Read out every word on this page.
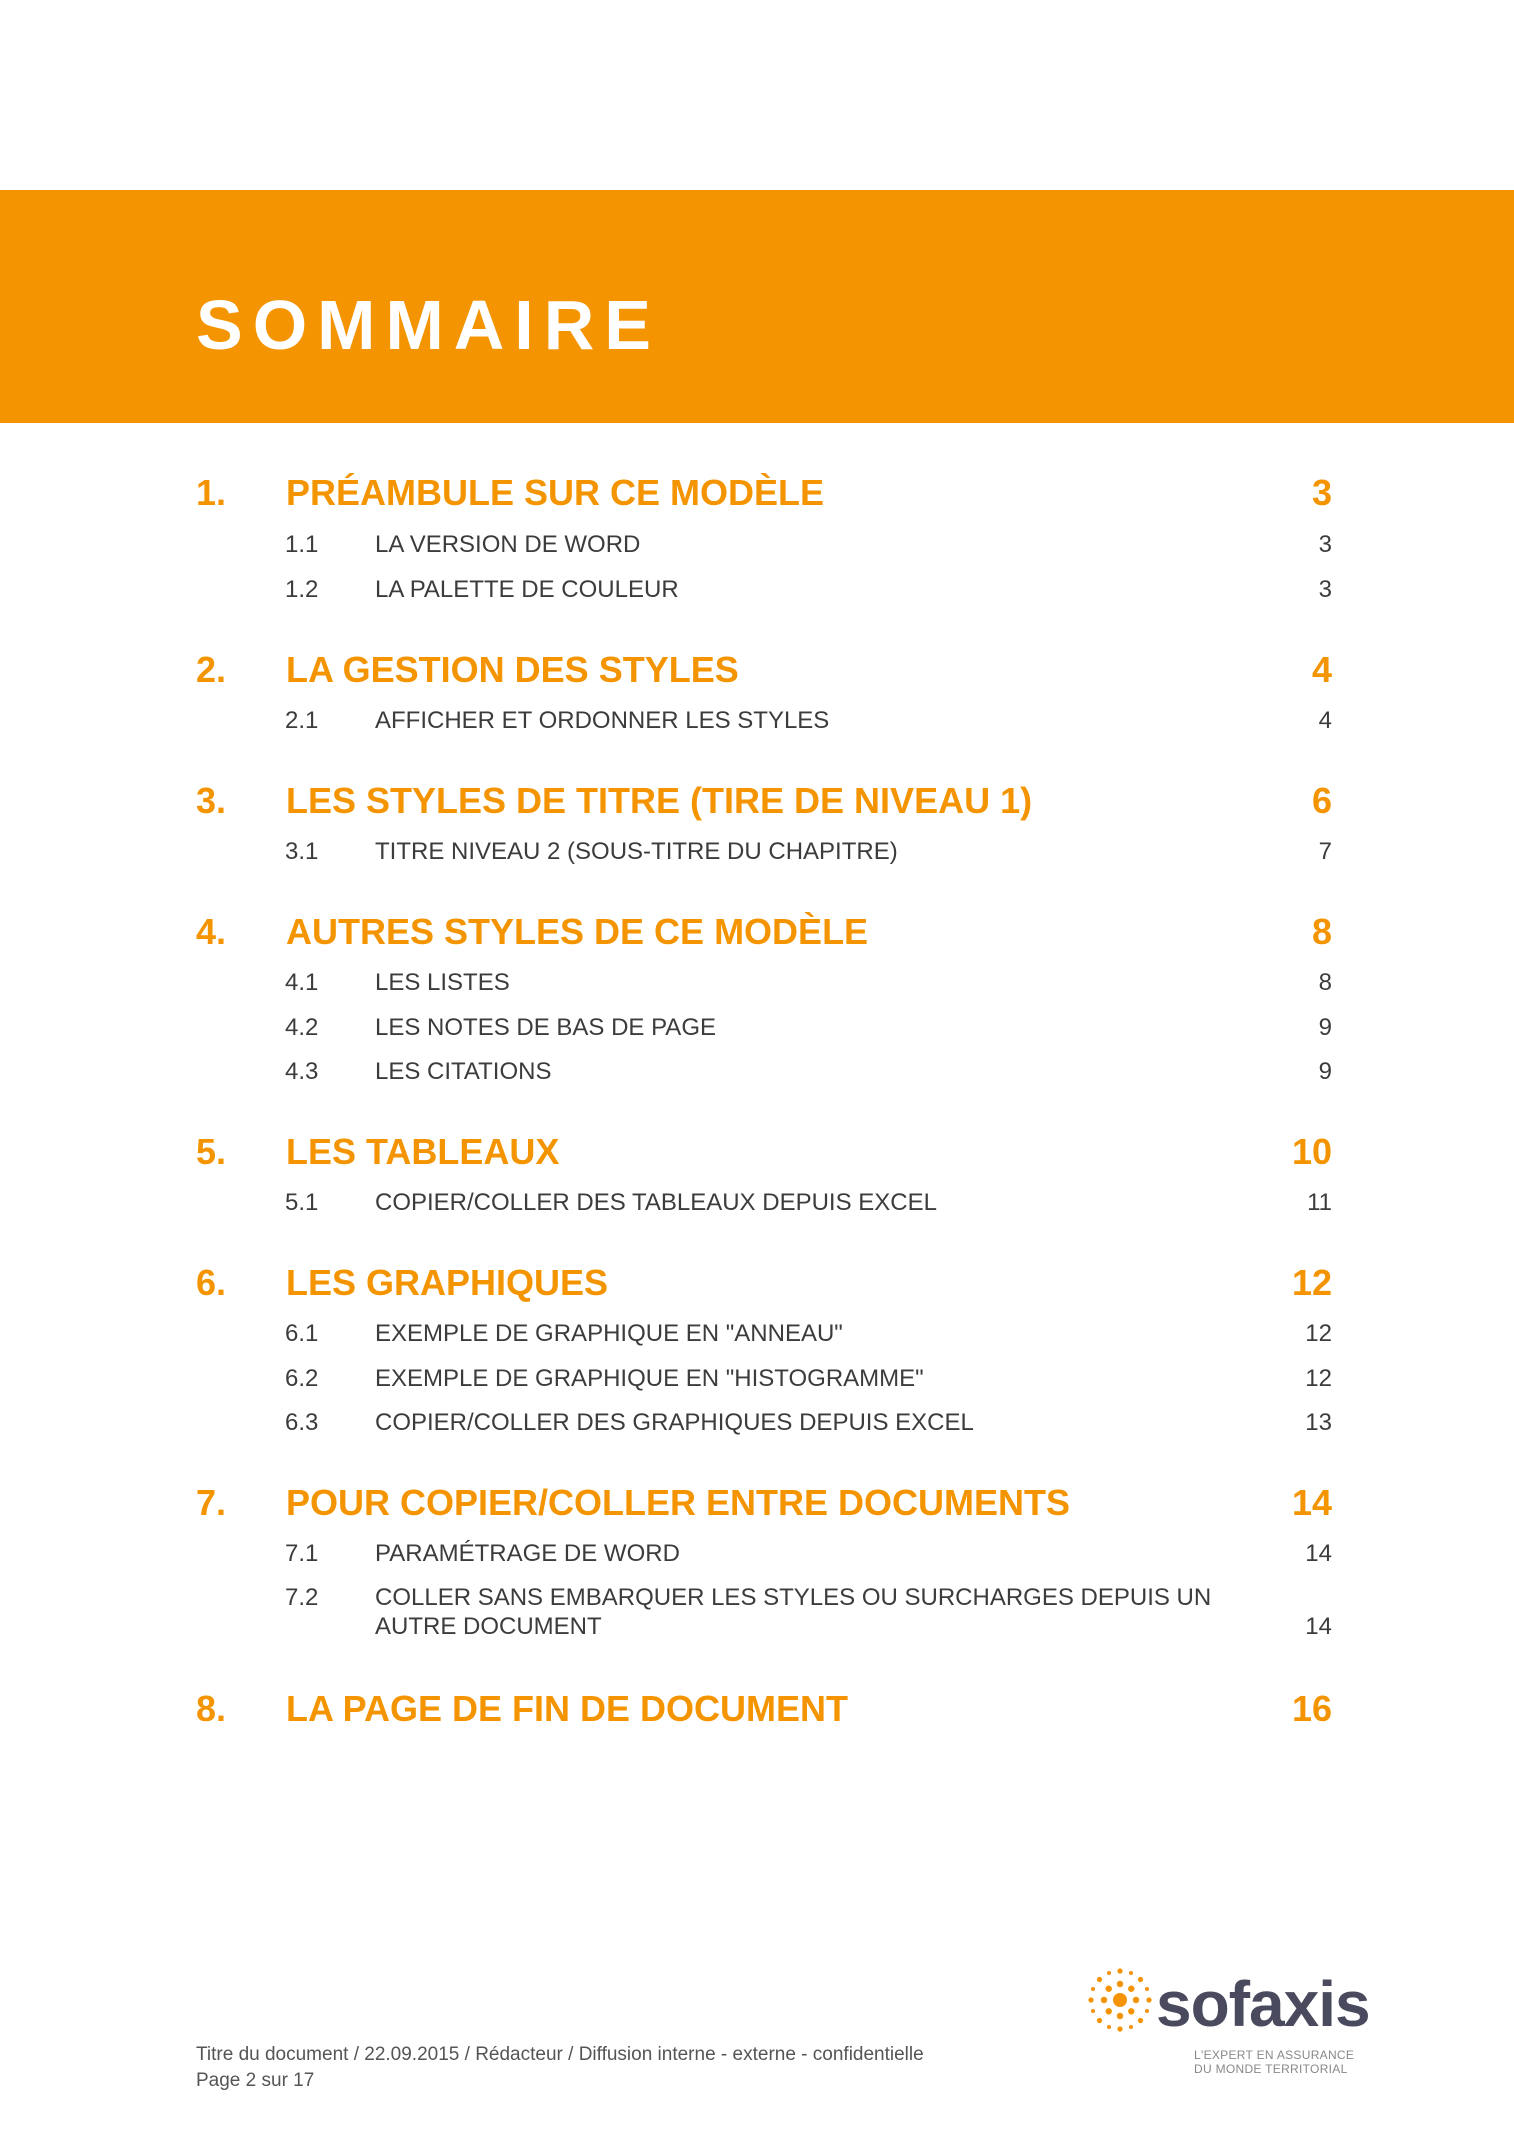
SOMMAIRE
1. PRÉAMBULE SUR CE MODÈLE	3
1.1 LA VERSION DE WORD	3
1.2 LA PALETTE DE COULEUR	3
2. LA GESTION DES STYLES	4
2.1 AFFICHER ET ORDONNER LES STYLES	4
3. LES STYLES DE TITRE (TIRE DE NIVEAU 1)	6
3.1 TITRE NIVEAU 2 (SOUS-TITRE DU CHAPITRE)	7
4. AUTRES STYLES DE CE MODÈLE	8
4.1 LES LISTES	8
4.2 LES NOTES DE BAS DE PAGE	9
4.3 LES CITATIONS	9
5. LES TABLEAUX	10
5.1 COPIER/COLLER DES TABLEAUX DEPUIS EXCEL	11
6. LES GRAPHIQUES	12
6.1 EXEMPLE DE GRAPHIQUE EN "ANNEAU"	12
6.2 EXEMPLE DE GRAPHIQUE EN "HISTOGRAMME"	12
6.3 COPIER/COLLER DES GRAPHIQUES DEPUIS EXCEL	13
7. POUR COPIER/COLLER ENTRE DOCUMENTS	14
7.1 PARAMÉTRAGE DE WORD	14
7.2 COLLER SANS EMBARQUER LES STYLES OU SURCHARGES DEPUIS UN AUTRE DOCUMENT	14
8. LA PAGE DE FIN DE DOCUMENT	16
sofaxis
L'EXPERT EN ASSURANCE
DU MONDE TERRITORIAL
Titre du document / 22.09.2015 / Rédacteur / Diffusion interne - externe - confidentielle
Page 2 sur 17
